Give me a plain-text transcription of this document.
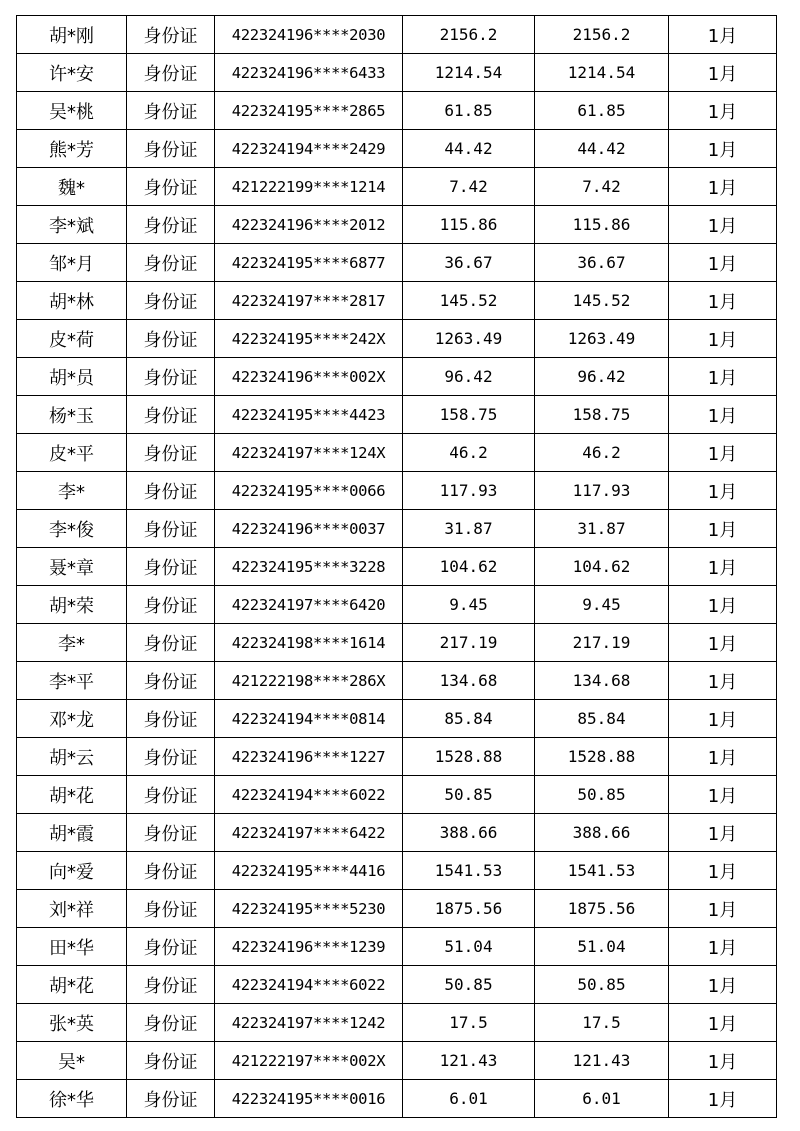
胡*刚	身份证	422324196****2030	2156.2	2156.2	1月
许*安	身份证	422324196****6433	1214.54	1214.54	1月
吴*桃	身份证	422324195****2865	61.85	61.85	1月
熊*芳	身份证	422324194****2429	44.42	44.42	1月
魏*	身份证	421222199****1214	7.42	7.42	1月
李*斌	身份证	422324196****2012	115.86	115.86	1月
邹*月	身份证	422324195****6877	36.67	36.67	1月
胡*林	身份证	422324197****2817	145.52	145.52	1月
皮*荷	身份证	422324195****242X	1263.49	1263.49	1月
胡*员	身份证	422324196****002X	96.42	96.42	1月
杨*玉	身份证	422324195****4423	158.75	158.75	1月
皮*平	身份证	422324197****124X	46.2	46.2	1月
李*	身份证	422324195****0066	117.93	117.93	1月
李*俊	身份证	422324196****0037	31.87	31.87	1月
聂*章	身份证	422324195****3228	104.62	104.62	1月
胡*荣	身份证	422324197****6420	9.45	9.45	1月
李*	身份证	422324198****1614	217.19	217.19	1月
李*平	身份证	421222198****286X	134.68	134.68	1月
邓*龙	身份证	422324194****0814	85.84	85.84	1月
胡*云	身份证	422324196****1227	1528.88	1528.88	1月
胡*花	身份证	422324194****6022	50.85	50.85	1月
胡*霞	身份证	422324197****6422	388.66	388.66	1月
向*爱	身份证	422324195****4416	1541.53	1541.53	1月
刘*祥	身份证	422324195****5230	1875.56	1875.56	1月
田*华	身份证	422324196****1239	51.04	51.04	1月
胡*花	身份证	422324194****6022	50.85	50.85	1月
张*英	身份证	422324197****1242	17.5	17.5	1月
吴*	身份证	421222197****002X	121.43	121.43	1月
徐*华	身份证	422324195****0016	6.01	6.01	1月
